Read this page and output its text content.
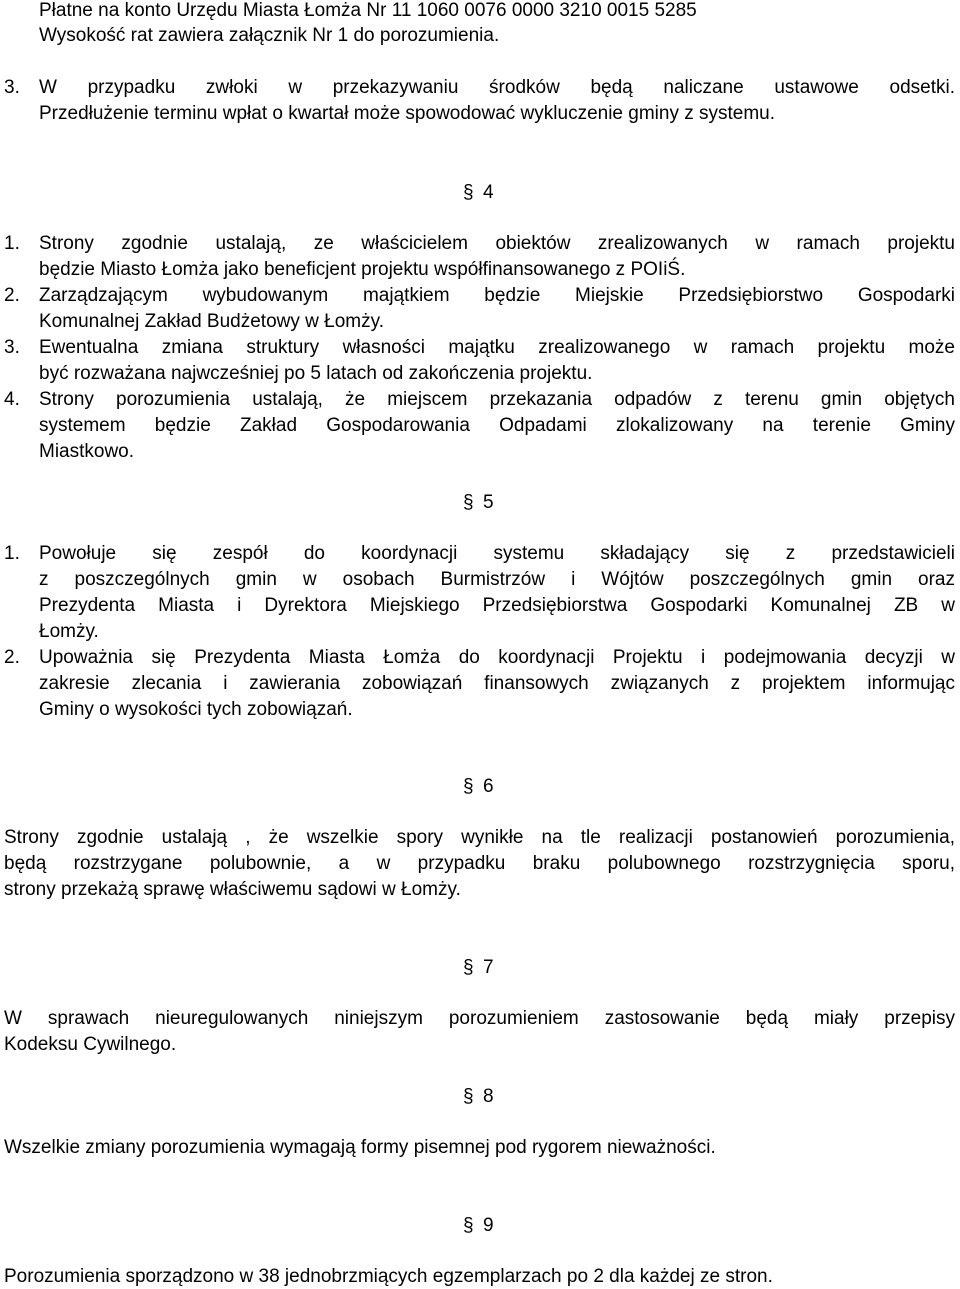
Płatne na konto Urzędu Miasta Łomża Nr 11 1060 0076 0000 3210 0015 5285
Wysokość rat zawiera załącznik Nr 1 do porozumienia.
3. W przypadku zwłoki w przekazywaniu środków będą naliczane ustawowe odsetki.
Przedłużenie terminu wpłat o kwartał może spowodować wykluczenie gminy z systemu.
§ 4
1. Strony zgodnie ustalają, ze właścicielem obiektów zrealizowanych w ramach projektu
będzie Miasto Łomża jako beneficjent projektu współfinansowanego z POIiŚ.
2. Zarządzającym wybudowanym majątkiem będzie Miejskie Przedsiębiorstwo Gospodarki
Komunalnej Zakład Budżetowy w Łomży.
3. Ewentualna zmiana struktury własności majątku zrealizowanego w ramach projektu może
być rozważana najwcześniej po 5 latach od zakończenia projektu.
4. Strony porozumienia ustalają, że miejscem przekazania odpadów z terenu gmin objętych
systemem będzie Zakład Gospodarowania Odpadami zlokalizowany na terenie Gminy
Miastkowo.
§ 5
1. Powołuje się zespół do koordynacji systemu składający się z przedstawicieli
z poszczególnych gmin w osobach Burmistrzów i Wójtów poszczególnych gmin oraz
Prezydenta Miasta i Dyrektora Miejskiego Przedsiębiorstwa Gospodarki Komunalnej ZB w
Łomży.
2. Upoważnia się Prezydenta Miasta Łomża do koordynacji Projektu i podejmowania decyzji w
zakresie zlecania i zawierania zobowiązań finansowych związanych z projektem informując
Gminy o wysokości tych zobowiązań.
§ 6
Strony zgodnie ustalają , że wszelkie spory wynikłe na tle realizacji postanowień porozumienia,
będą rozstrzygane polubownie, a w przypadku braku polubownego rozstrzygnięcia sporu,
strony przekażą sprawę właściwemu sądowi w Łomży.
§ 7
W sprawach nieuregulowanych niniejszym porozumieniem zastosowanie będą miały przepisy
Kodeksu Cywilnego.
§ 8
Wszelkie zmiany porozumienia wymagają formy pisemnej pod rygorem nieważności.
§ 9
Porozumienia sporządzono w 38 jednobrzmiących egzemplarzach po 2 dla każdej ze stron.
